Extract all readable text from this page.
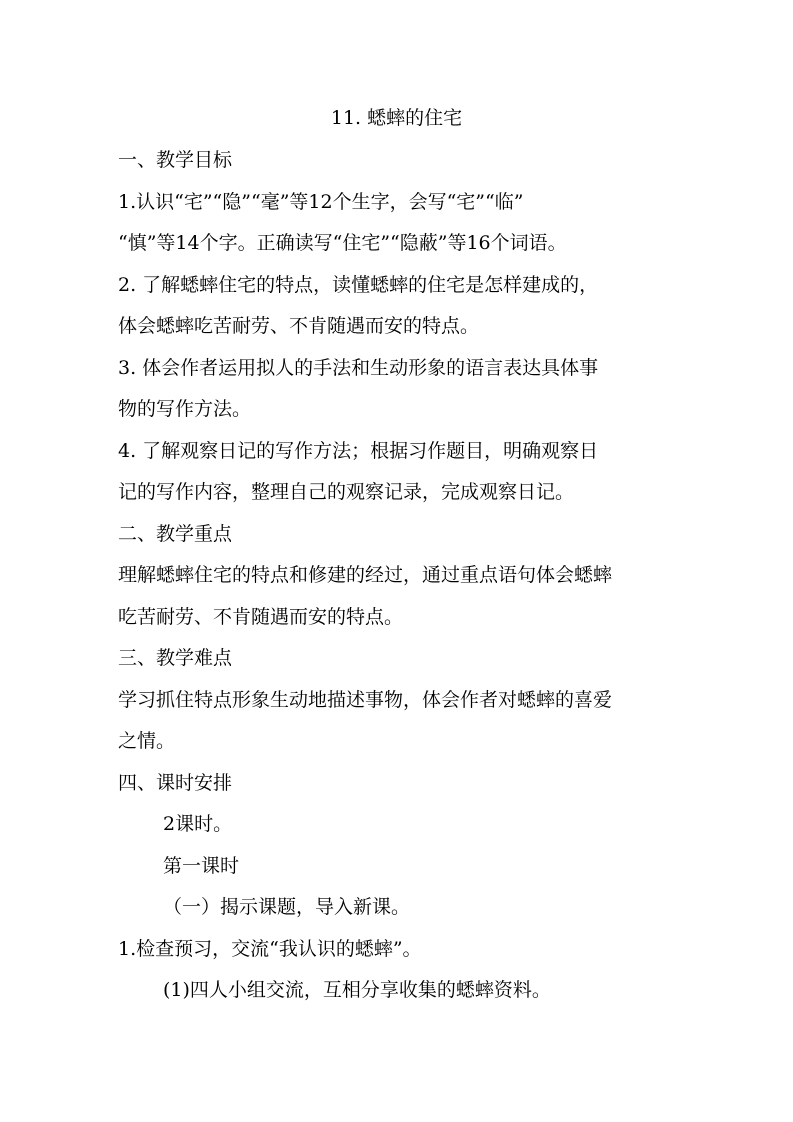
11. 蟋蟀的住宅
一、教学目标
1.认识“宅”“隐”“毫”等12个生字，会写“宅”“临”
“慎”等14个字。正确读写“住宅”“隐蔽”等16个词语。
2. 了解蟋蟀住宅的特点，读懂蟋蟀的住宅是怎样建成的，
体会蟋蟀吃苦耐劳、不肯随遇而安的特点。
3. 体会作者运用拟人的手法和生动形象的语言表达具体事
物的写作方法。
4. 了解观察日记的写作方法；根据习作题目，明确观察日
记的写作内容，整理自己的观察记录，完成观察日记。
二、教学重点
理解蟋蟀住宅的特点和修建的经过，通过重点语句体会蟋蟀
吃苦耐劳、不肯随遇而安的特点。
三、教学难点
学习抓住特点形象生动地描述事物，体会作者对蟋蟀的喜爱
之情。
四、课时安排
2课时。
第一课时
（一）揭示课题，导入新课。
1.检查预习，交流“我认识的蟋蟀”。
(1)四人小组交流，互相分享收集的蟋蟀资料。
